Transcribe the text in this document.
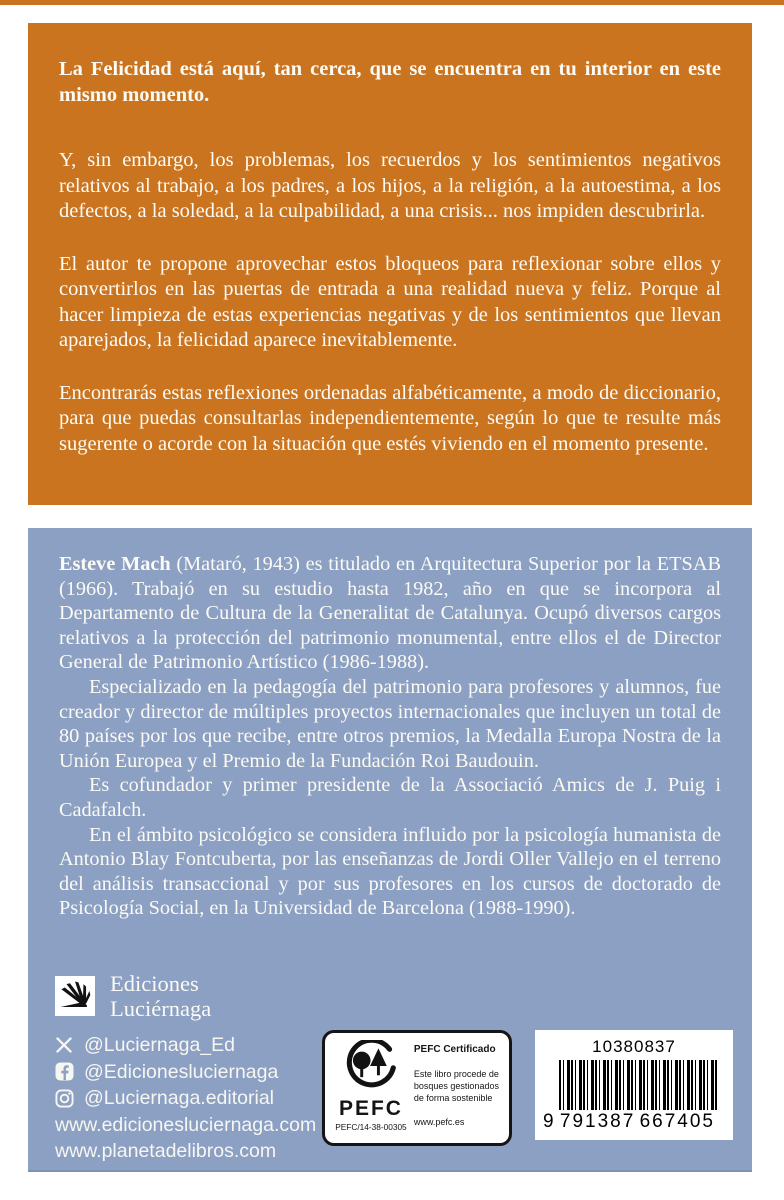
La Felicidad está aquí, tan cerca, que se encuentra en tu interior en este mismo momento.

Y, sin embargo, los problemas, los recuerdos y los sentimientos negativos relativos al trabajo, a los padres, a los hijos, a la religión, a la autoestima, a los defectos, a la soledad, a la culpabilidad, a una crisis... nos impiden descubrirla.

El autor te propone aprovechar estos bloqueos para reflexionar sobre ellos y convertirlos en las puertas de entrada a una realidad nueva y feliz. Porque al hacer limpieza de estas experiencias negativas y de los sentimientos que llevan aparejados, la felicidad aparece inevitablemente.

Encontrarás estas reflexiones ordenadas alfabéticamente, a modo de diccionario, para que puedas consultarlas independientemente, según lo que te resulte más sugerente o acorde con la situación que estés viviendo en el momento presente.

Esteve Mach (Mataró, 1943) es titulado en Arquitectura Superior por la ETSAB (1966). Trabajó en su estudio hasta 1982, año en que se incorpora al Departamento de Cultura de la Generalitat de Catalunya. Ocupó diversos cargos relativos a la protección del patrimonio monumental, entre ellos el de Director General de Patrimonio Artístico (1986-1988).

Especializado en la pedagogía del patrimonio para profesores y alumnos, fue creador y director de múltiples proyectos internacionales que incluyen un total de 80 países por los que recibe, entre otros premios, la Medalla Europa Nostra de la Unión Europea y el Premio de la Fundación Roi Baudouin.

Es cofundador y primer presidente de la Associació Amics de J. Puig i Cadafalch.

En el ámbito psicológico se considera influido por la psicología humanista de Antonio Blay Fontcuberta, por las enseñanzas de Jordi Oller Vallejo en el terreno del análisis transaccional y por sus profesores en los cursos de doctorado de Psicología Social, en la Universidad de Barcelona (1988-1990).

Ediciones
Luciérnaga
@Luciernaga_Ed
@Edicionesluciernaga
@Luciernaga.editorial
www.edicionesluciernaga.com
www.planetadelibros.com
PEFC
PEFC/14-38-00305
PEFC Certificado
Este libro procede de bosques gestionados de forma sostenible
www.pefc.es
10380837
9 791387 667405
